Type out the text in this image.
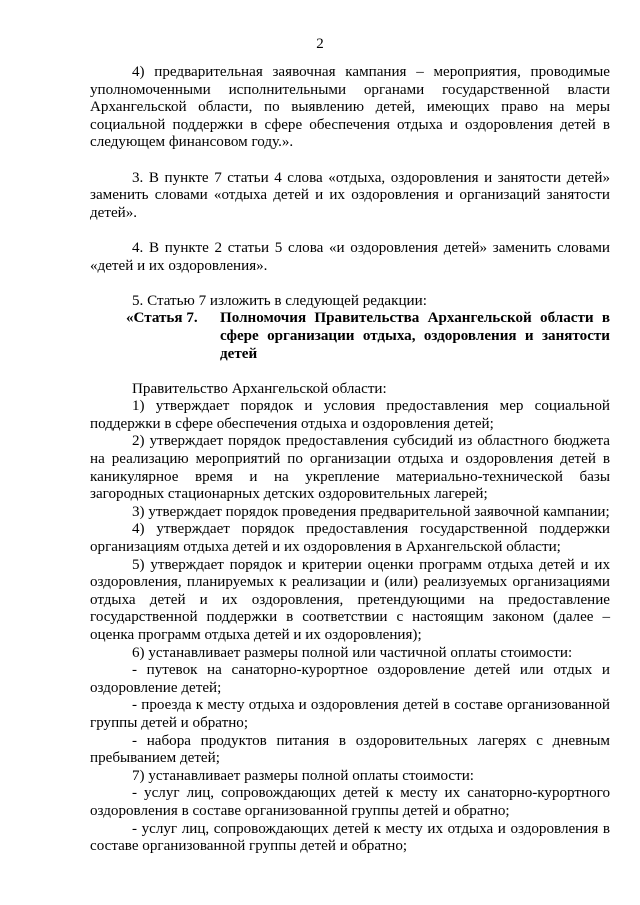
2

4) предварительная заявочная кампания – мероприятия, проводимые уполномоченными исполнительными органами государственной власти Архангельской области, по выявлению детей, имеющих право на меры социальной поддержки в сфере обеспечения отдыха и оздоровления детей в следующем финансовом году.».

3. В пункте 7 статьи 4 слова «отдыха, оздоровления и занятости детей» заменить словами «отдыха детей и их оздоровления и организаций занятости детей».

4. В пункте 2 статьи 5 слова «и оздоровления детей» заменить словами «детей и их оздоровления».

5. Статью 7 изложить в следующей редакции:

«Статья 7.	Полномочия Правительства Архангельской области в сфере организации отдыха, оздоровления и занятости детей

Правительство Архангельской области:

1) утверждает порядок и условия предоставления мер социальной поддержки в сфере обеспечения отдыха и оздоровления детей;

2) утверждает порядок предоставления субсидий из областного бюджета на реализацию мероприятий по организации отдыха и оздоровления детей в каникулярное время и на укрепление материально-технической базы загородных стационарных детских оздоровительных лагерей;

3) утверждает порядок проведения предварительной заявочной кампании;

4) утверждает порядок предоставления государственной поддержки организациям отдыха детей и их оздоровления в Архангельской области;

5) утверждает порядок и критерии оценки программ отдыха детей и их оздоровления, планируемых к реализации и (или) реализуемых организациями отдыха детей и их оздоровления, претендующими на предоставление государственной поддержки в соответствии с настоящим законом (далее – оценка программ отдыха детей и их оздоровления);

6) устанавливает размеры полной или частичной оплаты стоимости:

- путевок на санаторно-курортное оздоровление детей или отдых и оздоровление детей;

- проезда к месту отдыха и оздоровления детей в составе организованной группы детей и обратно;

- набора продуктов питания в оздоровительных лагерях с дневным пребыванием детей;

7) устанавливает размеры полной оплаты стоимости:

- услуг лиц, сопровождающих детей к месту их санаторно-курортного оздоровления в составе организованной группы детей и обратно;

- услуг лиц, сопровождающих детей к месту их отдыха и оздоровления в составе организованной группы детей и обратно;
